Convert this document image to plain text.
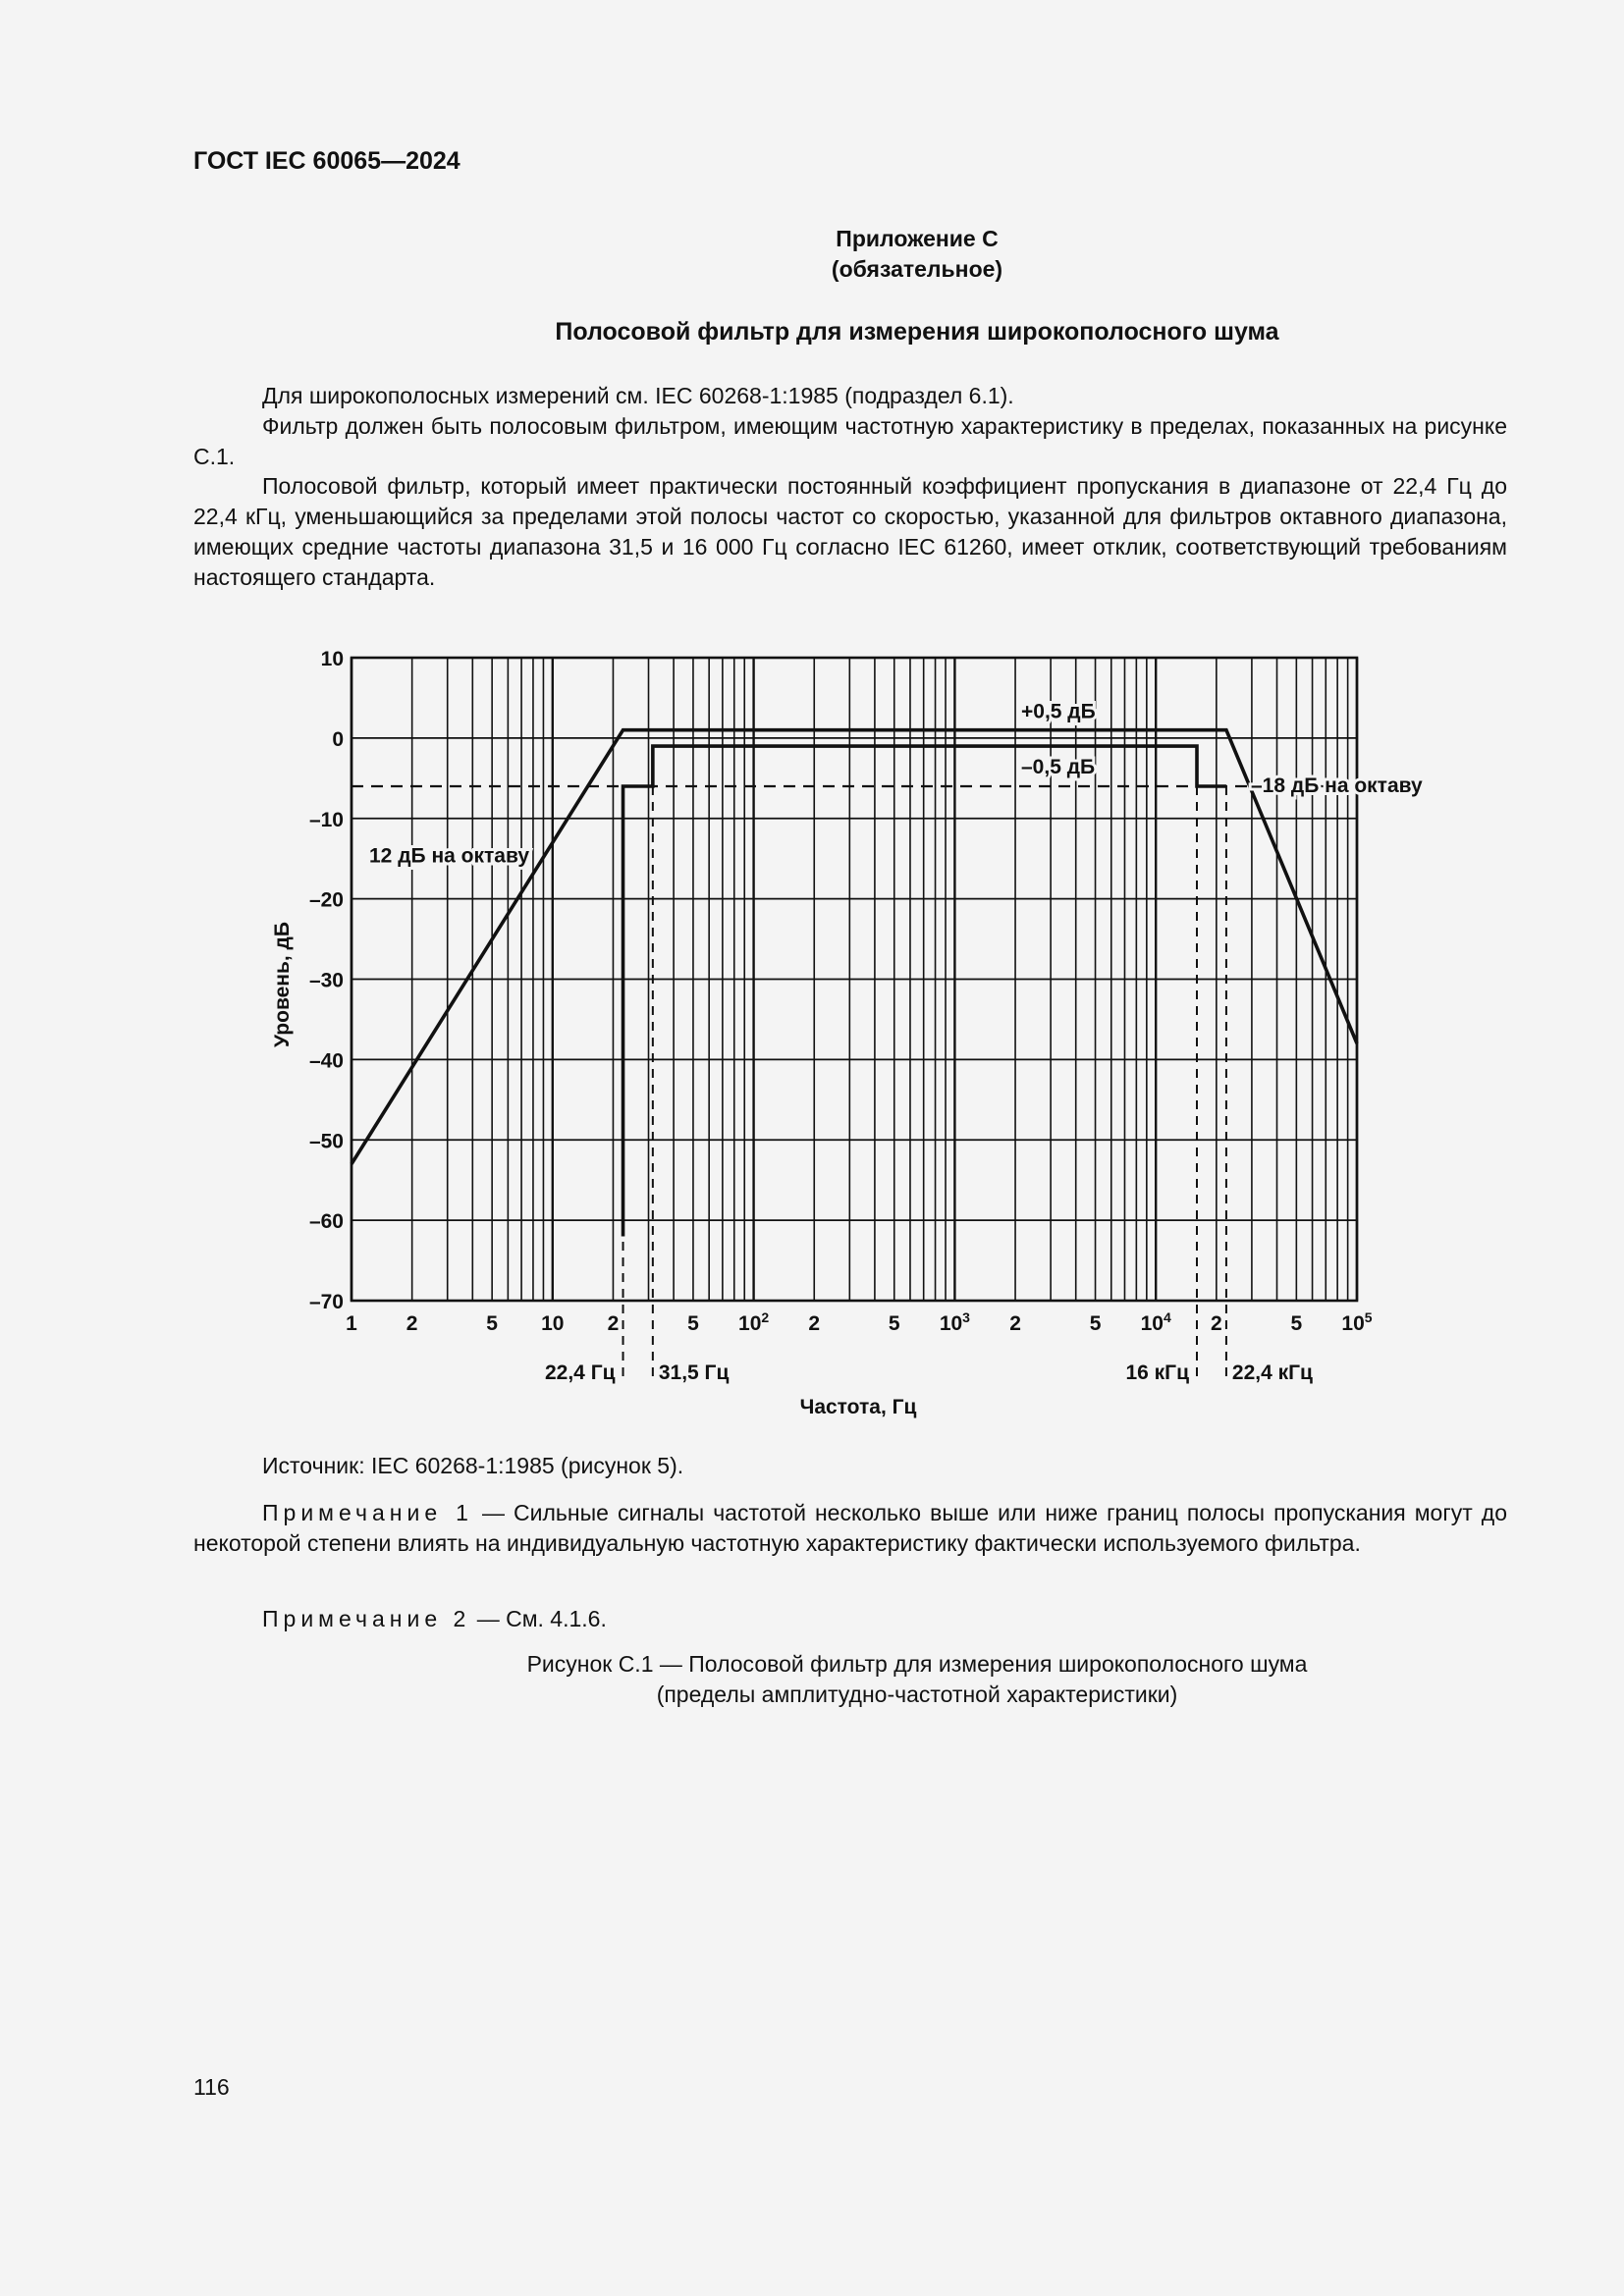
ГОСТ IEC 60065—2024
Приложение С
(обязательное)
Полосовой фильтр для измерения широкополосного шума

Для широкополосных измерений см. IEC 60268-1:1985 (подраздел 6.1).

Фильтр должен быть полосовым фильтром, имеющим частотную характеристику в пределах, показанных на рисунке С.1.

Полосовой фильтр, который имеет практически постоянный коэффициент пропускания в диапазоне от 22,4 Гц до 22,4 кГц, уменьшающийся за пределами этой полосы частот со скоростью, указанной для фильтров октавного диапазона, имеющих средние частоты диапазона 31,5 и 16 000 Гц согласно IEC 61260, имеет отклик, соответствующий требованиям настоящего стандарта.

10
0
–10
–20
–30
–40
–50
–60
–70
1 2	5 10 2	5 $10^2$ 2	5 $10^3$ 2	5 $10^4$ 2	5 $10^5$
22,4 Гц 31,5 Гц	16 кГц 22,4 кГц
+0,5 дБ
–0,5 дБ
–18 дБ на октаву
12 дБ на октаву
Частота, Гц
Уровень, дБ

Источник: IEC 60268-1:1985 (рисунок 5).

Примечание 1 — Сильные сигналы частотой несколько выше или ниже границ полосы пропускания могут до некоторой степени влиять на индивидуальную частотную характеристику фактически используемого фильтра.

Примечание 2 — См. 4.1.6.

Рисунок С.1 — Полосовой фильтр для измерения широкополосного шума
(пределы амплитудно-частотной характеристики)
116
